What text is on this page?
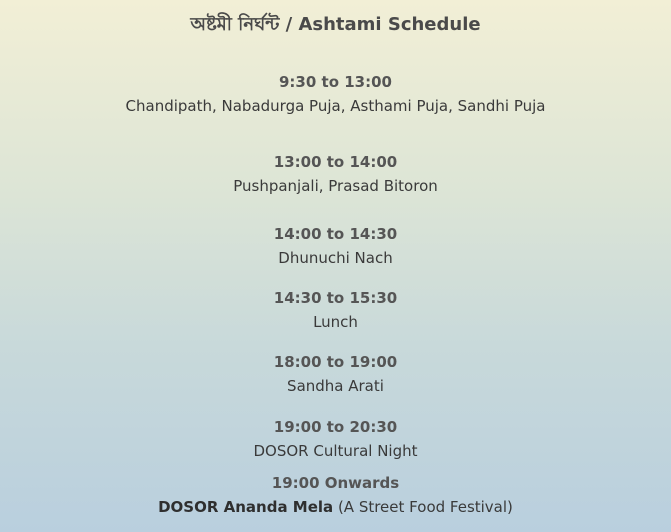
অষ্টমী নির্ঘন্ট / Ashtami Schedule
9:30 to 13:00
Chandipath, Nabadurga Puja, Asthami Puja, Sandhi Puja
13:00 to 14:00
Pushpanjali, Prasad Bitoron
14:00 to 14:30
Dhunuchi Nach
14:30 to 15:30
Lunch
18:00 to 19:00
Sandha Arati
19:00 to 20:30
DOSOR Cultural Night
19:00 Onwards
DOSOR Ananda Mela (A Street Food Festival)
